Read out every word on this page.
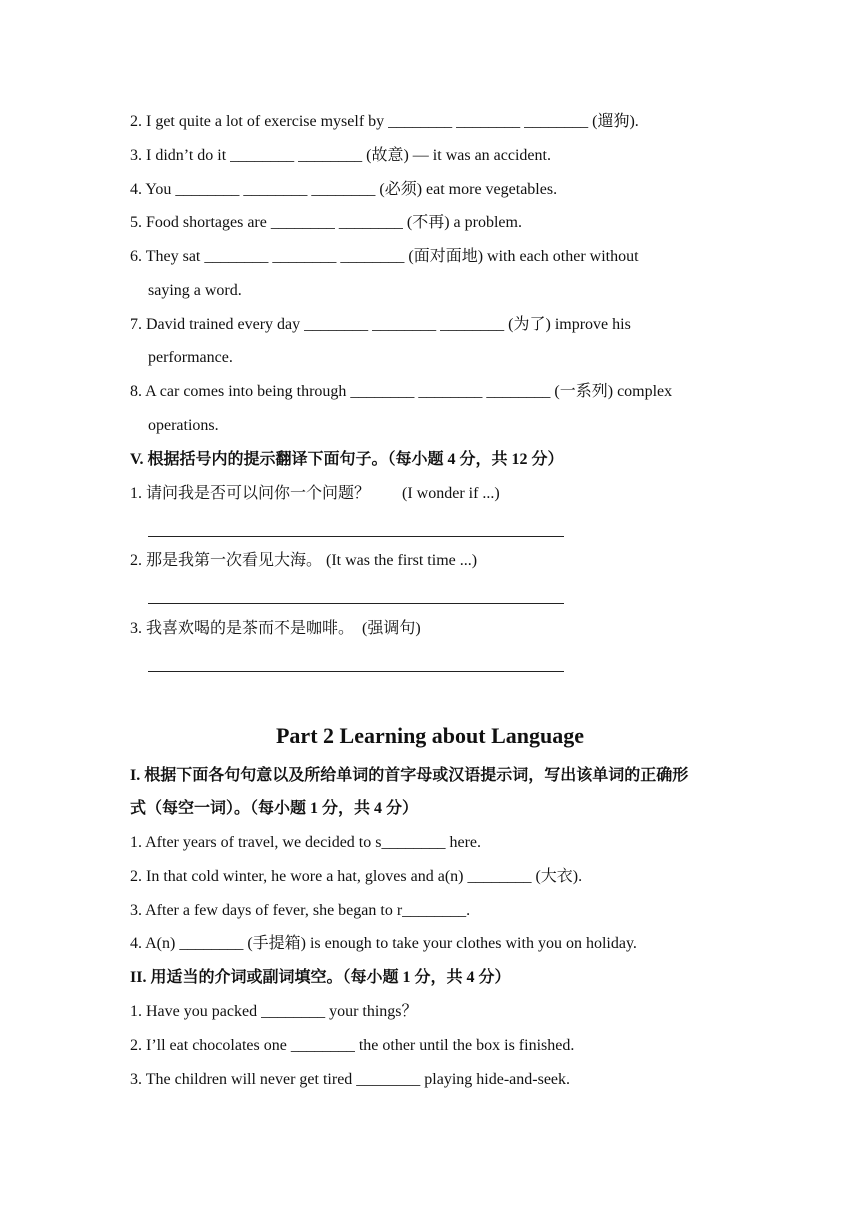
2. I get quite a lot of exercise myself by ________ ________ ________ (遛狗).
3. I didn’t do it ________ ________ (故意) — it was an accident.
4. You ________ ________ ________ (必须) eat more vegetables.
5. Food shortages are ________ ________ (不再) a problem.
6. They sat ________ ________ ________ (面对面地) with each other without
saying a word.
7. David trained every day ________ ________ ________ (为了) improve his
performance.
8. A car comes into being through ________ ________ ________ (一系列) complex
operations.
V. 根据括号内的提示翻译下面句子。（每小题 4 分，共 12 分）
1. 请问我是否可以问你一个问题？　　(I wonder if ...)
2. 那是我第一次看见大海。 (It was the first time ...)
3. 我喜欢喝的是茶而不是咖啡。　(强调句)
Part 2 Learning about Language
I. 根据下面各句句意以及所给单词的首字母或汉语提示词，写出该单词的正确形
式（每空一词）。（每小题 1 分，共 4 分）
1. After years of travel, we decided to s________ here.
2. In that cold winter, he wore a hat, gloves and a(n) ________ (大衣).
3. After a few days of fever, she began to r________.
4. A(n) ________ (手提箱) is enough to take your clothes with you on holiday.
II. 用适当的介词或副词填空。（每小题 1 分，共 4 分）
1. Have you packed ________ your things？
2. I’ll eat chocolates one ________ the other until the box is finished.
3. The children will never get tired ________ playing hide-and-seek.
